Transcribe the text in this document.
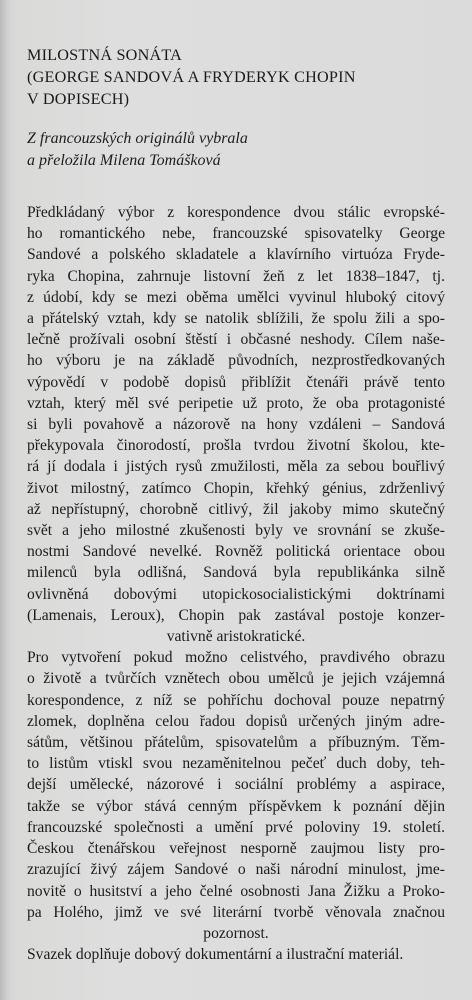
MILOSTNÁ SONÁTA
(GEORGE SANDOVÁ A FRYDERYK CHOPIN
V DOPISECH)
Z francouzských originálů vybrala
a přeložila Milena Tomášková
Předkládaný výbor z korespondence dvou stálic evropské-
ho romantického nebe, francouzské spisovatelky George
Sandové a polského skladatele a klavírního virtuóza Fryde-
ryka Chopina, zahrnuje listovní žeň z let 1838–1847, tj.
z údobí, kdy se mezi oběma umělci vyvinul hluboký citový
a přátelský vztah, kdy se natolik sblížili, že spolu žili a spo-
lečně prožívali osobní štěstí i občasné neshody. Cílem naše-
ho výboru je na základě původních, nezprostředkovaných
výpovědí v podobě dopisů přiblížit čtenáři právě tento
vztah, který měl své peripetie už proto, že oba protagonisté
si byli povahově a názorově na hony vzdáleni – Sandová
překypovala činorodostí, prošla tvrdou životní školou, kte-
rá jí dodala i jistých rysů zmužilosti, měla za sebou bouřlivý
život milostný, zatímco Chopin, křehký génius, zdrženlivý
až nepřístupný, chorobně citlivý, žil jakoby mimo skutečný
svět a jeho milostné zkušenosti byly ve srovnání se zkuše-
nostmi Sandové nevelké. Rovněž politická orientace obou
milenců byla odlišná, Sandová byla republikánka silně
ovlivněná dobovými utopickosocialistickými doktrínami
(Lamenais, Leroux), Chopin pak zastával postoje konzer-
vativně aristokratické.
Pro vytvoření pokud možno celistvého, pravdivého obrazu
o životě a tvůrčích vznětech obou umělců je jejich vzájemná
korespondence, z níž se pohříchu dochoval pouze nepatrný
zlomek, doplněna celou řadou dopisů určených jiným adre-
sátům, většinou přátelům, spisovatelům a příbuzným. Těm-
to listům vtiskl svou nezaměnitelnou pečeť duch doby, teh-
dejší umělecké, názorové i sociální problémy a aspirace,
takže se výbor stává cenným příspěvkem k poznání dějin
francouzské společnosti a umění prvé poloviny 19. století.
Českou čtenářskou veřejnost nesporně zaujmou listy pro-
zrazující živý zájem Sandové o naši národní minulost, jme-
novitě o husitství a jeho čelné osobnosti Jana Žižku a Proko-
pa Holého, jimž ve své literární tvorbě věnovala značnou
pozornost.
Svazek doplňuje dobový dokumentární a ilustrační materiál.
